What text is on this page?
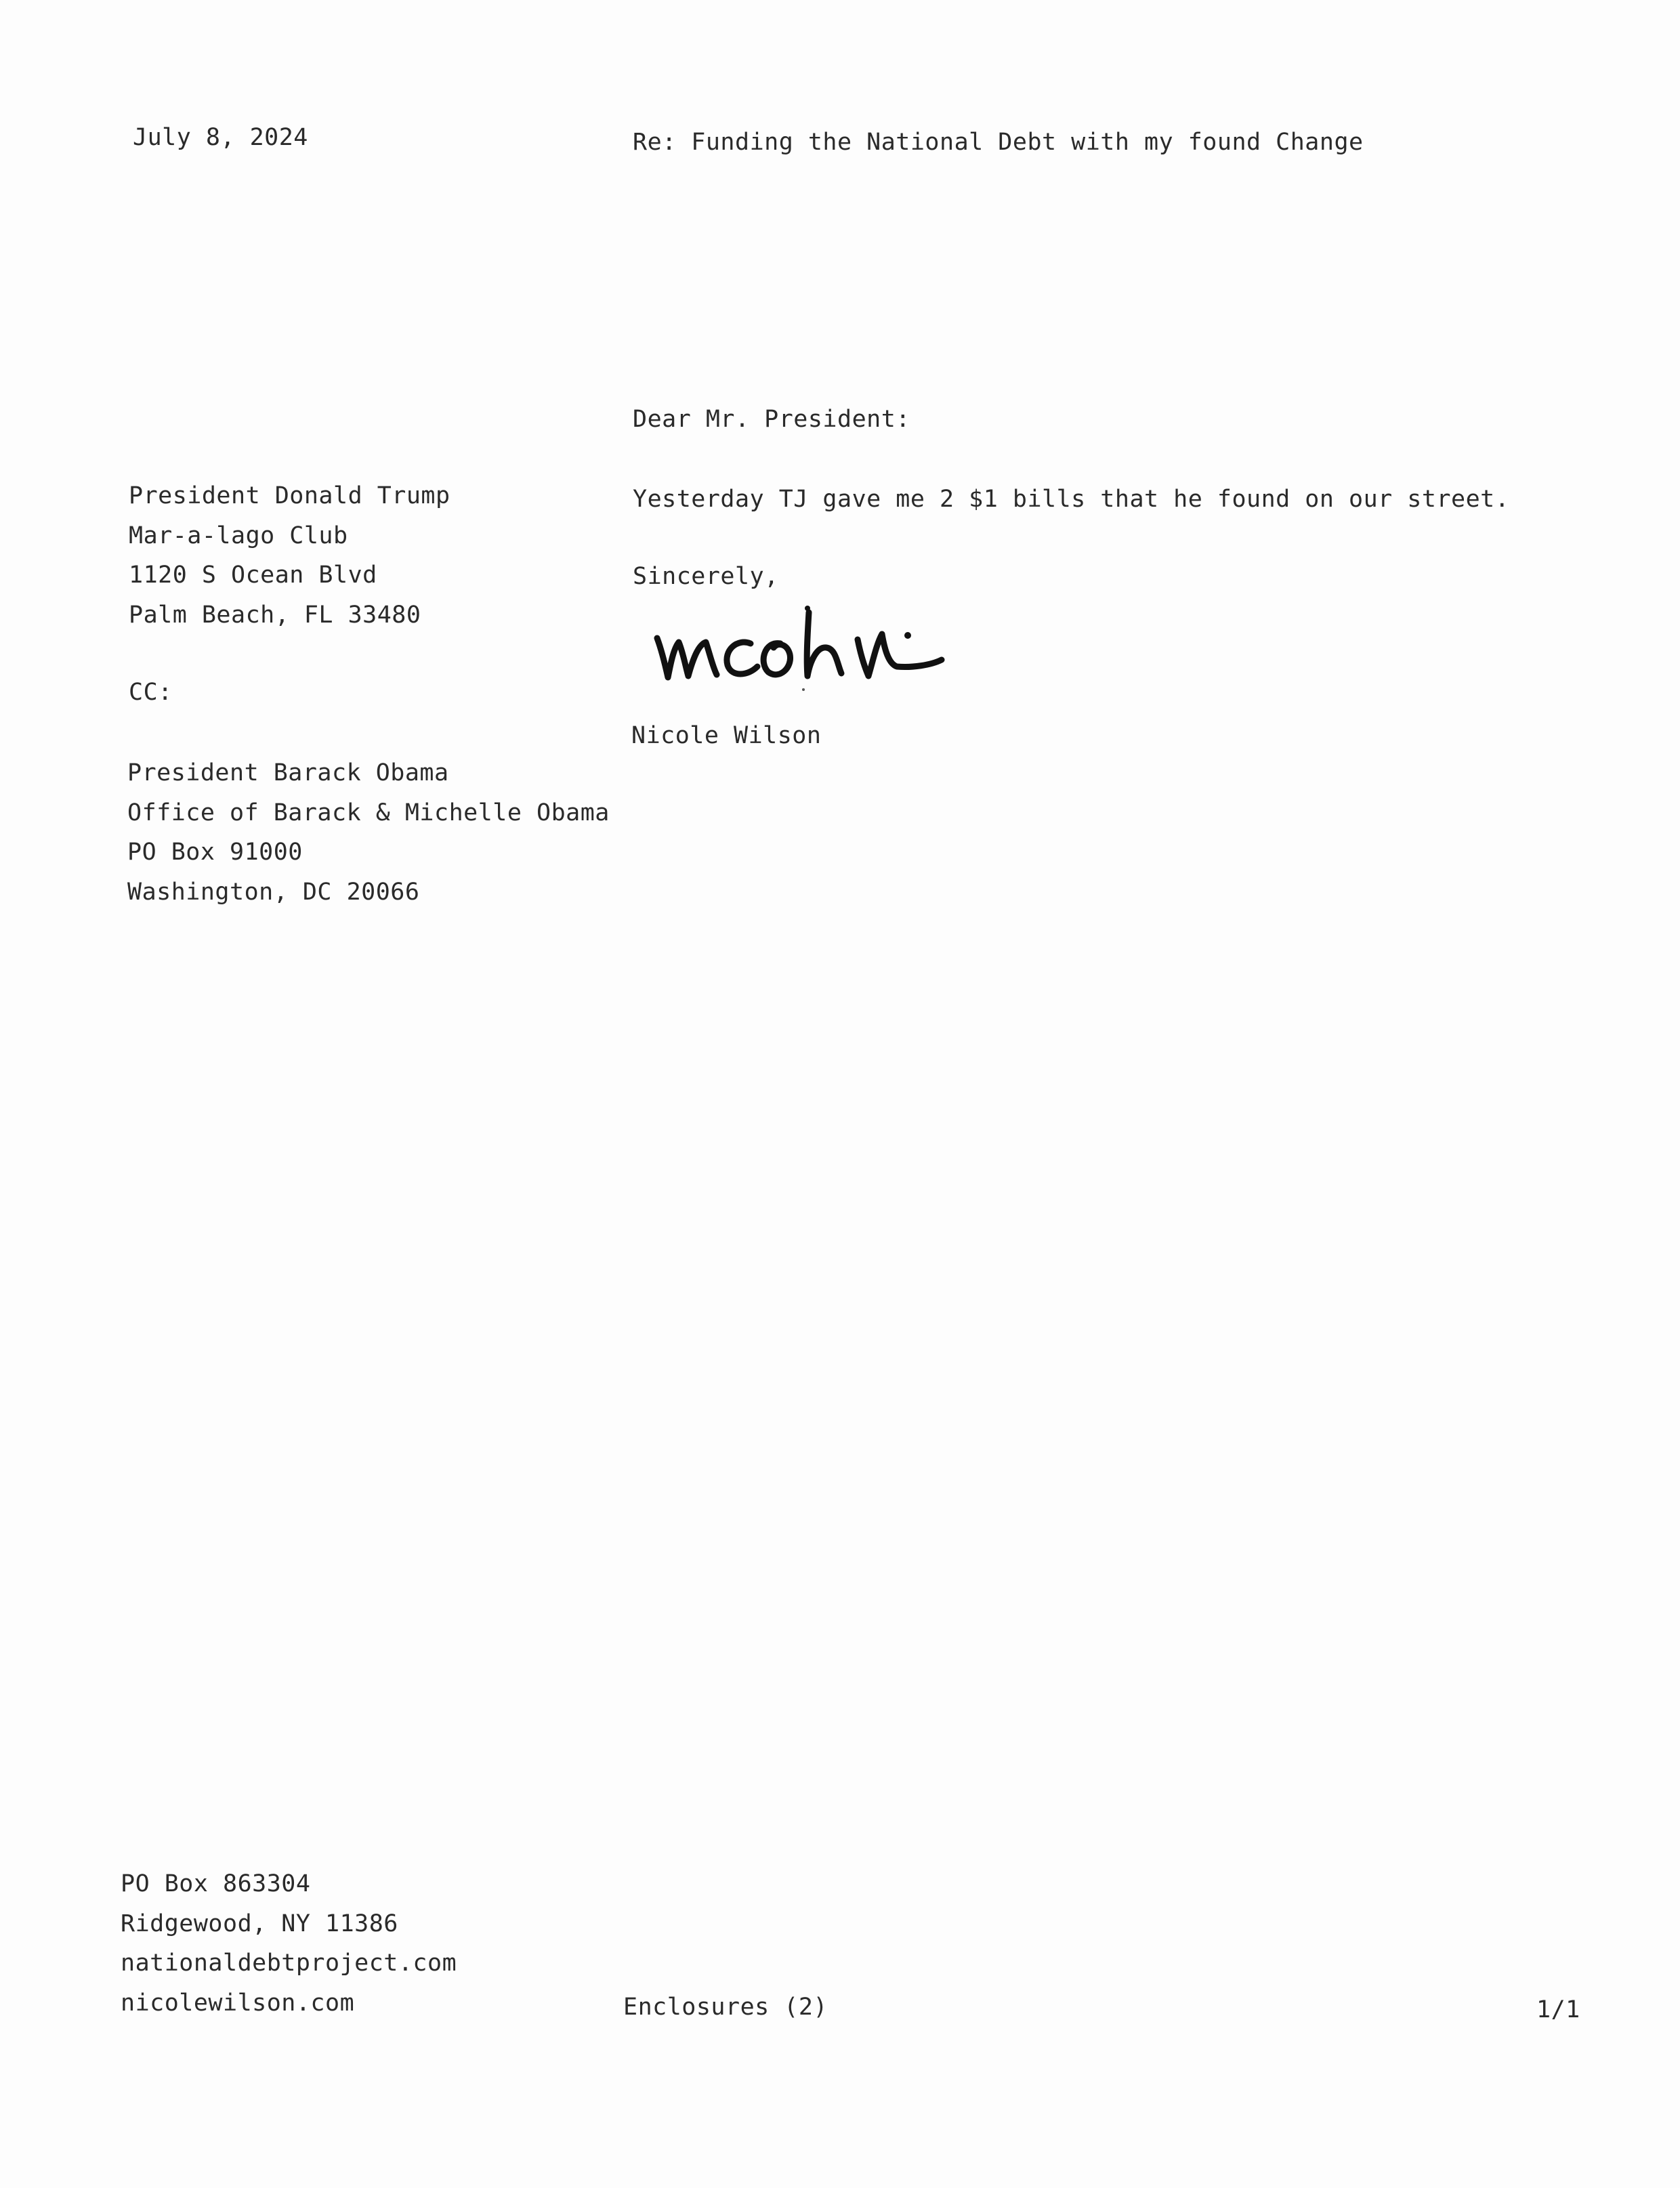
July 8, 2024	Re: Funding the National Debt with my found Change
Dear Mr. President:
Yesterday TJ gave me 2 $1 bills that he found on our street.
Sincerely,
Nicole Wilson
President Donald Trump
Mar-a-lago Club
1120 S Ocean Blvd
Palm Beach, FL 33480
CC:
President Barack Obama
Office of Barack & Michelle Obama
PO Box 91000
Washington, DC 20066
PO Box 863304
Ridgewood, NY 11386
nationaldebtproject.com
nicolewilson.com	Enclosures (2)	1/1
